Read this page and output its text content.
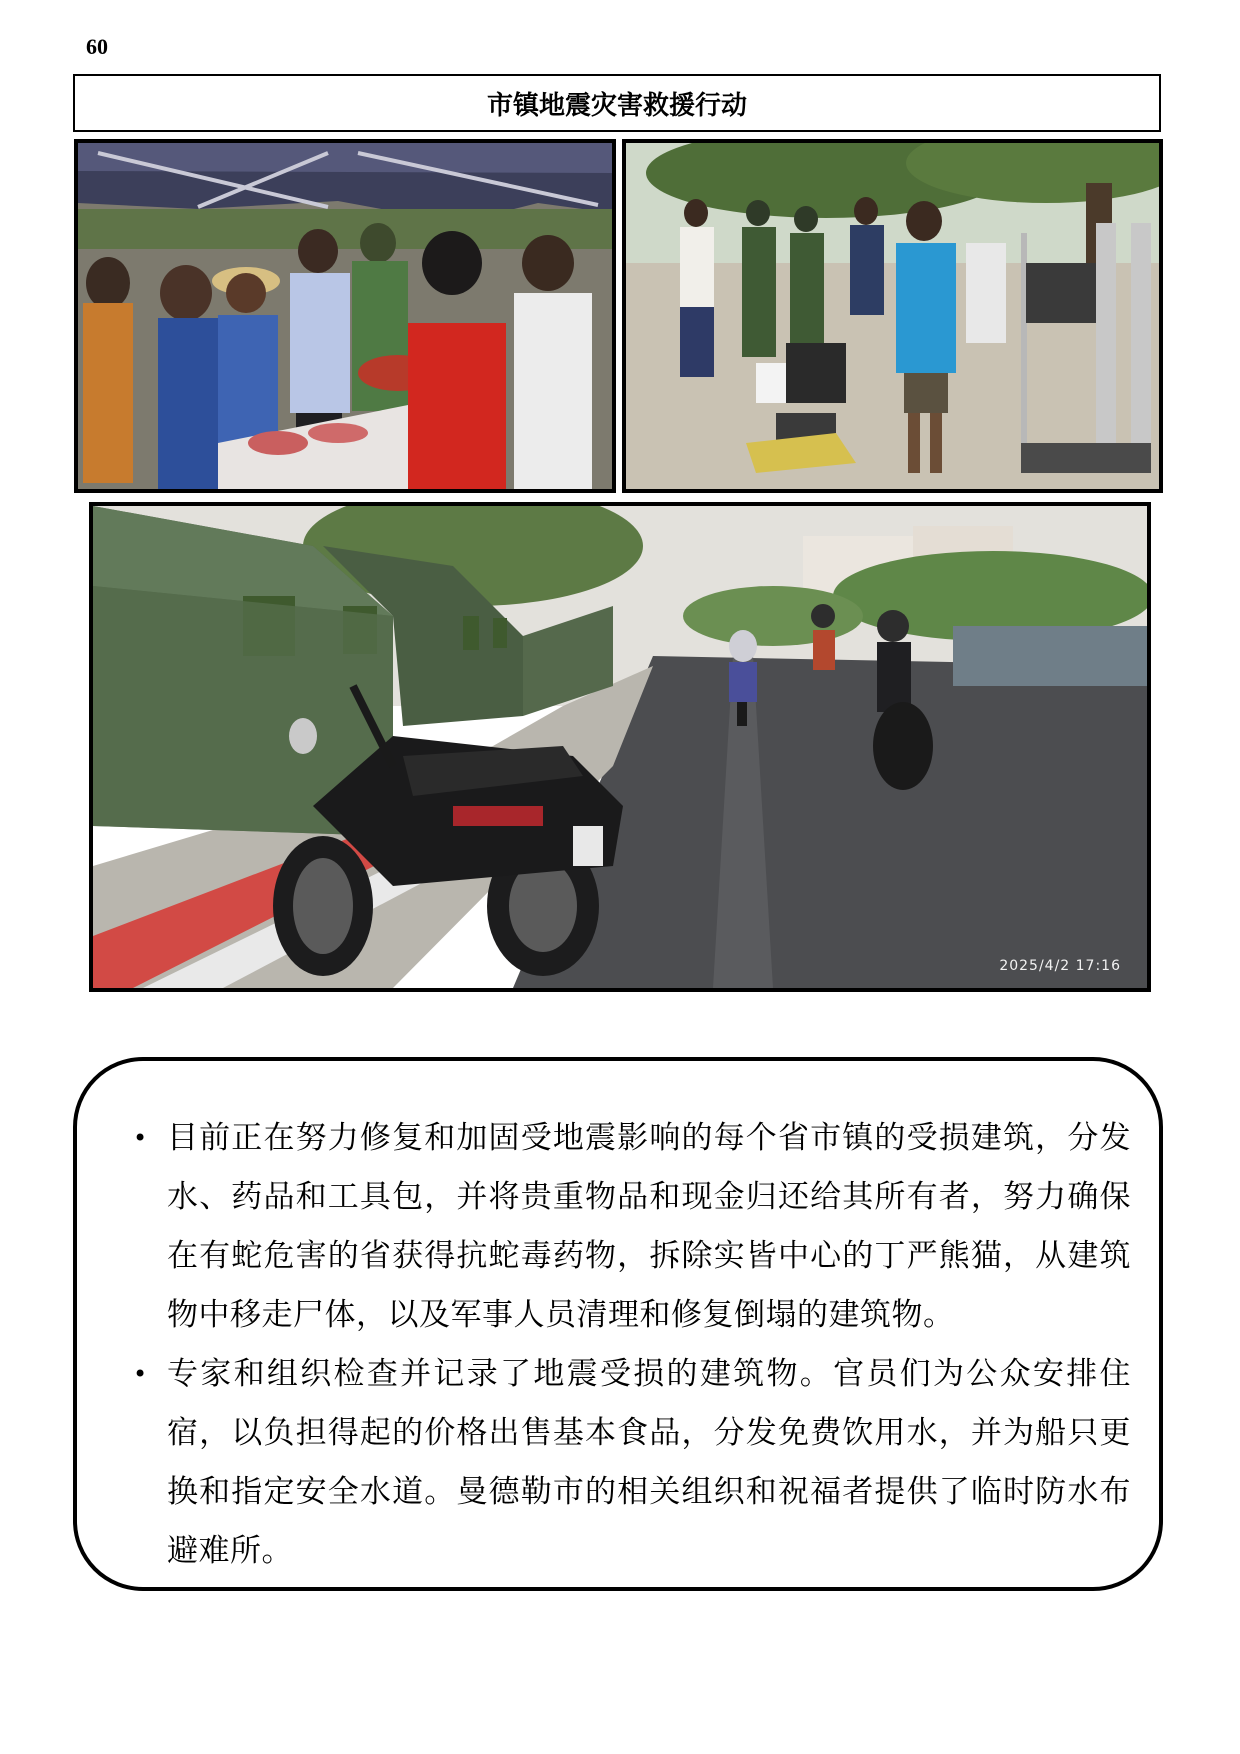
60
市镇地震灾害救援行动
2025/4/2 17:16
• 目前正在努力修复和加固受地震影响的每个省市镇的受损建筑，分发水、药品和工具包，并将贵重物品和现金归还给其所有者，努力确保在有蛇危害的省获得抗蛇毒药物，拆除实皆中心的丁严熊猫，从建筑物中移走尸体，以及军事人员清理和修复倒塌的建筑物。
• 专家和组织检查并记录了地震受损的建筑物。官员们为公众安排住宿，以负担得起的价格出售基本食品，分发免费饮用水，并为船只更换和指定安全水道。曼德勒市的相关组织和祝福者提供了临时防水布避难所。
